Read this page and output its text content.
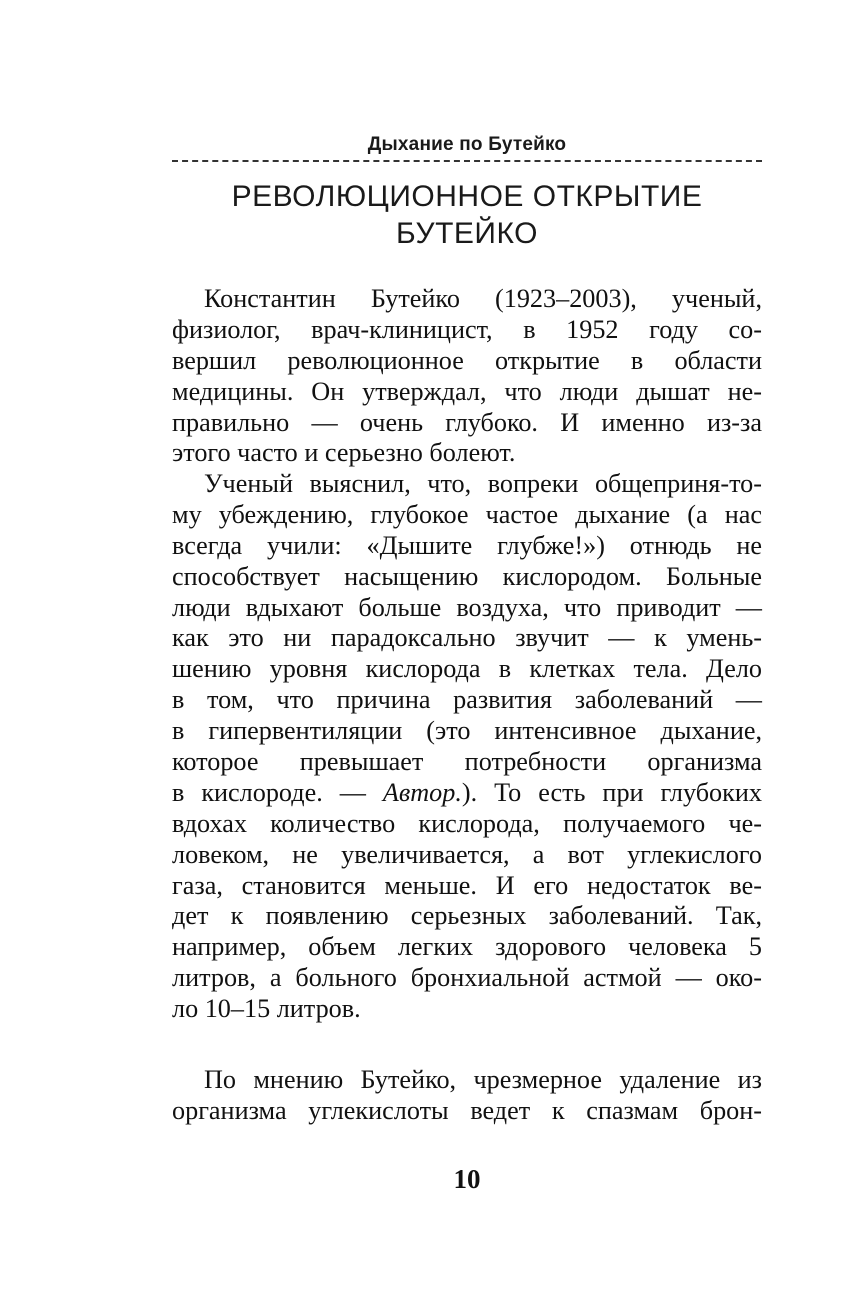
Дыхание по Бутейко
РЕВОЛЮЦИОННОЕ ОТКРЫТИЕ
БУТЕЙКО
Константин Бутейко (1923–2003), ученый,
физиолог, врач-клиницист, в 1952 году со-
вершил революционное открытие в области
медицины. Он утверждал, что люди дышат не-
правильно — очень глубоко. И именно из-за
этого часто и серьезно болеют.
Ученый выяснил, что, вопреки общеприня-то-
му убеждению, глубокое частое дыхание (а нас
всегда учили: «Дышите глубже!») отнюдь не
способствует насыщению кислородом. Больные
люди вдыхают больше воздуха, что приводит —
как это ни парадоксально звучит — к умень-
шению уровня кислорода в клетках тела. Дело
в том, что причина развития заболеваний —
в гипервентиляции (это интенсивное дыхание,
которое превышает потребности организма
в кислороде. — Автор.). То есть при глубоких
вдохах количество кислорода, получаемого че-
ловеком, не увеличивается, а вот углекислого
газа, становится меньше. И его недостаток ве-
дет к появлению серьезных заболеваний. Так,
например, объем легких здорового человека 5
литров, а больного бронхиальной астмой — око-
ло 10–15 литров.
По мнению Бутейко, чрезмерное удаление из
организма углекислоты ведет к спазмам брон-
10
